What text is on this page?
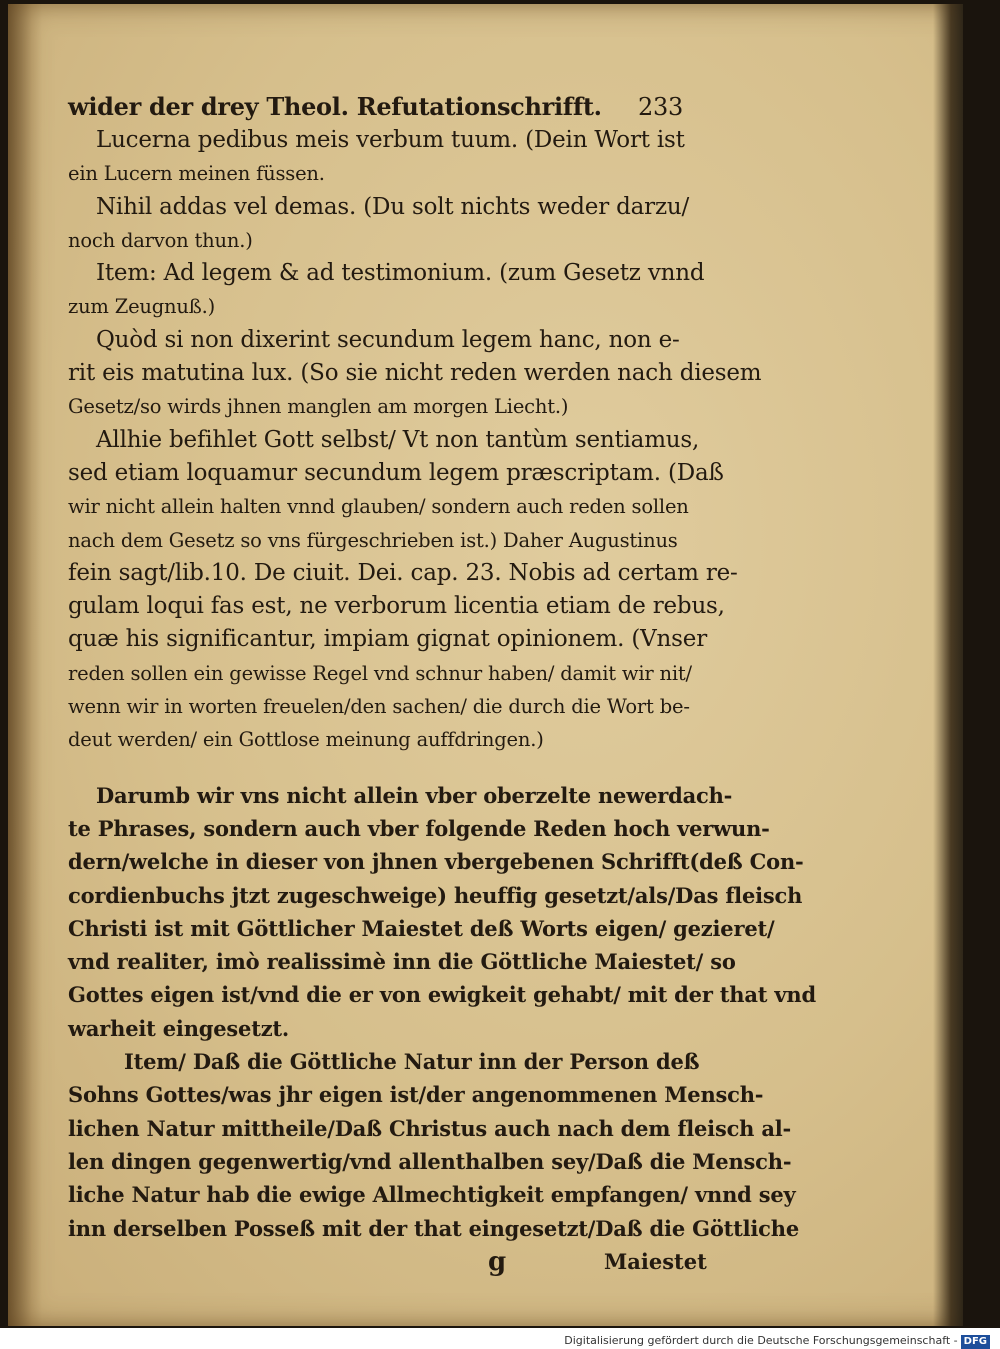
wider der drey Theol. Refutationschrifft. 233
Lucerna pedibus meis verbum tuum. (Dein Wort ist
ein Lucern meinen füssen.
Nihil addas vel demas. (Du solt nichts weder darzu/
noch darvon thun.)
Item: Ad legem & ad testimonium. (zum Gesetz vnnd
zum Zeugnuß.)
Quòd si non dixerint secundum legem hanc, non e-
rit eis matutina lux. (So sie nicht reden werden nach diesem
Gesetz/so wirds jhnen manglen am morgen Liecht.)
Allhie befihlet Gott selbst/ Vt non tantùm sentiamus,
sed etiam loquamur secundum legem præscriptam. (Daß
wir nicht allein halten vnnd glauben/ sondern auch reden sollen
nach dem Gesetz so vns fürgeschrieben ist.) Daher Augustinus
fein sagt/lib.10. De ciuit. Dei. cap. 23. Nobis ad certam re-
gulam loqui fas est, ne verborum licentia etiam de rebus,
quæ his significantur, impiam gignat opinionem. (Vnser
reden sollen ein gewisse Regel vnd schnur haben/ damit wir nit/
wenn wir in worten freuelen/den sachen/ die durch die Wort be-
deut werden/ ein Gottlose meinung auffdringen.)
Darumb wir vns nicht allein vber oberzelte newerdach-
te Phrases, sondern auch vber folgende Reden hoch verwun-
dern/welche in dieser von jhnen vbergebenen Schrifft(deß Con-
cordienbuchs jtzt zugeschweige) heuffig gesetzt/als/Das fleisch
Christi ist mit Göttlicher Maiestet deß Worts eigen/ gezieret/
vnd realiter, imò realissimè inn die Göttliche Maiestet/ so
Gottes eigen ist/vnd die er von ewigkeit gehabt/ mit der that vnd
warheit eingesetzt.
Item/ Daß die Göttliche Natur inn der Person deß
Sohns Gottes/was jhr eigen ist/der angenommenen Mensch-
lichen Natur mittheile/Daß Christus auch nach dem fleisch al-
len dingen gegenwertig/vnd allenthalben sey/Daß die Mensch-
liche Natur hab die ewige Allmechtigkeit empfangen/ vnnd sey
inn derselben Posseß mit der that eingesetzt/Daß die Göttliche
g	Maiestet
Digitalisierung gefördert durch die Deutsche Forschungsgemeinschaft - DFG
